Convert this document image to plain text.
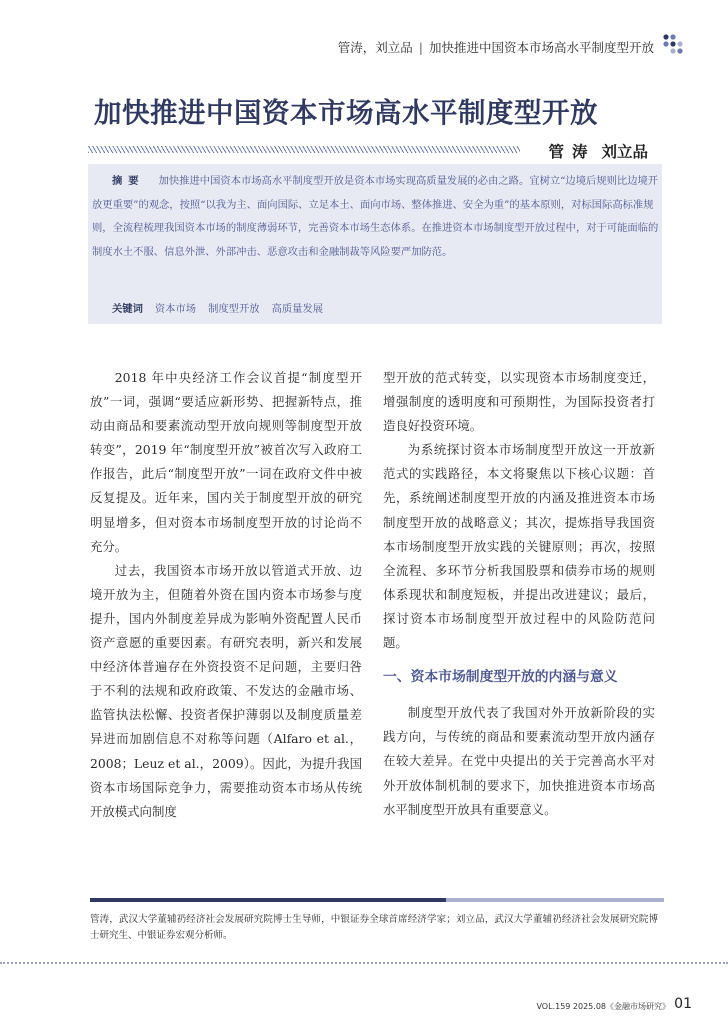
管涛，刘立品 | 加快推进中国资本市场高水平制度型开放
加快推进中国资本市场高水平制度型开放
管涛 刘立品
摘要 加快推进中国资本市场高水平制度型开放是资本市场实现高质量发展的必由之路。宜树立“边境后规则比边境开放更重要”的观念，按照“以我为主、面向国际、立足本土、面向市场、整体推进、安全为重”的基本原则，对标国际高标准规则，全流程梳理我国资本市场的制度薄弱环节，完善资本市场生态体系。在推进资本市场制度型开放过程中，对于可能面临的制度水土不服、信息外泄、外部冲击、恶意攻击和金融制裁等风险要严加防范。
关键词 资本市场 制度型开放 高质量发展

2018 年中央经济工作会议首提“制度型开放”一词，强调“要适应新形势、把握新特点，推动由商品和要素流动型开放向规则等制度型开放转变”，2019 年“制度型开放”被首次写入政府工作报告，此后“制度型开放”一词在政府文件中被反复提及。近年来，国内关于制度型开放的研究明显增多，但对资本市场制度型开放的讨论尚不充分。

过去，我国资本市场开放以管道式开放、边境开放为主，但随着外资在国内资本市场参与度提升，国内外制度差异成为影响外资配置人民币资产意愿的重要因素。有研究表明，新兴和发展中经济体普遍存在外资投资不足问题，主要归咎于不利的法规和政府政策、不发达的金融市场、监管执法松懈、投资者保护薄弱以及制度质量差异进而加剧信息不对称等问题（Alfaro et al.，2008；Leuz et al.，2009）。因此，为提升我国资本市场国际竞争力，需要推动资本市场从传统开放模式向制度

型开放的范式转变，以实现资本市场制度变迁，增强制度的透明度和可预期性，为国际投资者打造良好投资环境。

为系统探讨资本市场制度型开放这一开放新范式的实践路径，本文将聚焦以下核心议题：首先，系统阐述制度型开放的内涵及推进资本市场制度型开放的战略意义；其次，提炼指导我国资本市场制度型开放实践的关键原则；再次，按照全流程、多环节分析我国股票和债券市场的规则体系现状和制度短板，并提出改进建议；最后，探讨资本市场制度型开放过程中的风险防范问题。

一、资本市场制度型开放的内涵与意义

制度型开放代表了我国对外开放新阶段的实践方向，与传统的商品和要素流动型开放内涵存在较大差异。在党中央提出的关于完善高水平对外开放体制机制的要求下，加快推进资本市场高水平制度型开放具有重要意义。

管涛，武汉大学董辅礽经济社会发展研究院博士生导师，中银证券全球首席经济学家；刘立品，武汉大学董辅礽经济社会发展研究院博士研究生、中银证券宏观分析师。
VOL.159 2025.08《金融市场研究》 01
